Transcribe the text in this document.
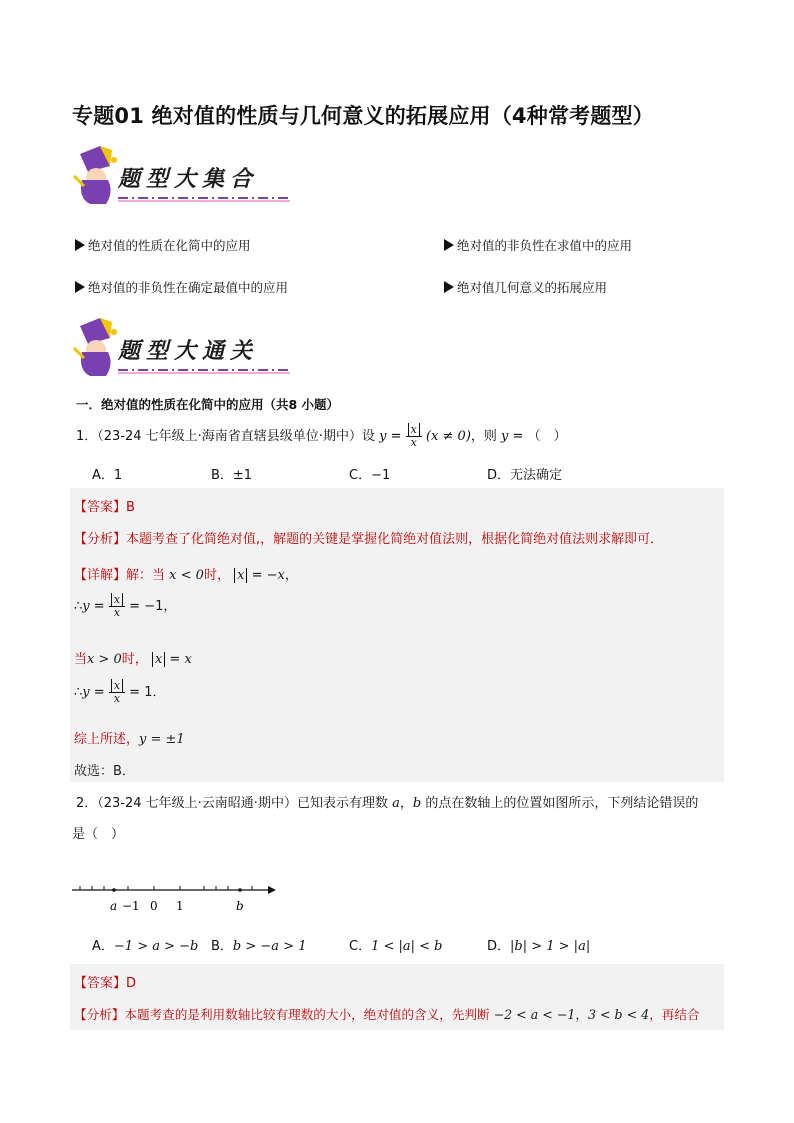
专题01 绝对值的性质与几何意义的拓展应用（4种常考题型）
题型大集合
绝对值的性质在化简中的应用	绝对值的非负性在求值中的应用
绝对值的非负性在确定最值中的应用	绝对值几何意义的拓展应用
题型大通关
一．绝对值的性质在化简中的应用（共8 小题）
1．（23-24 七年级上·海南省直辖县级单位·期中）设 $y = \frac{x}{x} (x \ne 0)$，则 y = （　）
A．1	B．±1	C．−1	D．无法确定
【答案】B
【分析】本题考查了化简绝对值,，解题的关键是掌握化简绝对值法则，根据化简绝对值法则求解即可．
【详解】解：当 x < 0时， x = −x，
∴y = $\frac{x}{x} = -1$，
当x > 0时， x = x
∴y = $\frac{x}{x} = 1$．
综上所述，y = ±1
故选：B．
2．（23-24 七年级上·云南昭通·期中）已知表示有理数 a，b 的点在数轴上的位置如图所示，下列结论错误的
是（　）
a −1 0 1	b
A．−1 > a > −b B．b > −a > 1	C．1 < |a| < b	D．|b| > 1 > |a|
【答案】D
【分析】本题考查的是利用数轴比较有理数的大小，绝对值的含义，先判断 −2 < a < −1，3 < b < 4，再结合
